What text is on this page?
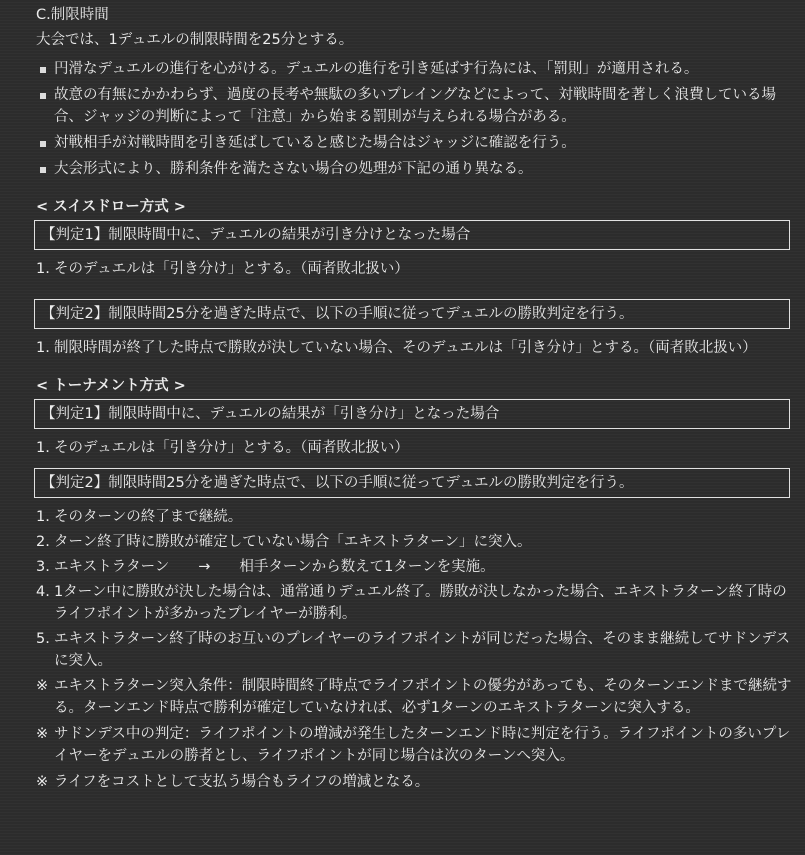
C.制限時間
大会では、1デュエルの制限時間を25分とする。
円滑なデュエルの進行を心がける。デュエルの進行を引き延ばす行為には、「罰則」が適用される。
故意の有無にかかわらず、過度の長考や無駄の多いプレイングなどによって、対戦時間を著しく浪費している場合、ジャッジの判断によって「注意」から始まる罰則が与えられる場合がある。
対戦相手が対戦時間を引き延ばしていると感じた場合はジャッジに確認を行う。
大会形式により、勝利条件を満たさない場合の処理が下記の通り異なる。
< スイスドロー方式 >
【判定1】制限時間中に、デュエルの結果が引き分けとなった場合
1. そのデュエルは「引き分け」とする。（両者敗北扱い）
【判定2】制限時間25分を過ぎた時点で、以下の手順に従ってデュエルの勝敗判定を行う。
1. 制限時間が終了した時点で勝敗が決していない場合、そのデュエルは「引き分け」とする。（両者敗北扱い）
< トーナメント方式 >
【判定1】制限時間中に、デュエルの結果が「引き分け」となった場合
1. そのデュエルは「引き分け」とする。（両者敗北扱い）
【判定2】制限時間25分を過ぎた時点で、以下の手順に従ってデュエルの勝敗判定を行う。
1. そのターンの終了まで継続。
2. ターン終了時に勝敗が確定していない場合「エキストラターン」に突入。
3. エキストラターン　　→　　相手ターンから数えて1ターンを実施。
4. 1ターン中に勝敗が決した場合は、通常通りデュエル終了。勝敗が決しなかった場合、エキストラターン終了時のライフポイントが多かったプレイヤーが勝利。
5. エキストラターン終了時のお互いのプレイヤーのライフポイントが同じだった場合、そのまま継続してサドンデスに突入。
※ エキストラターン突入条件：制限時間終了時点でライフポイントの優劣があっても、そのターンエンドまで継続する。ターンエンド時点で勝利が確定していなければ、必ず1ターンのエキストラターンに突入する。
※ サドンデス中の判定：ライフポイントの増減が発生したターンエンド時に判定を行う。ライフポイントの多いプレイヤーをデュエルの勝者とし、ライフポイントが同じ場合は次のターンへ突入。
※ ライフをコストとして支払う場合もライフの増減となる。
